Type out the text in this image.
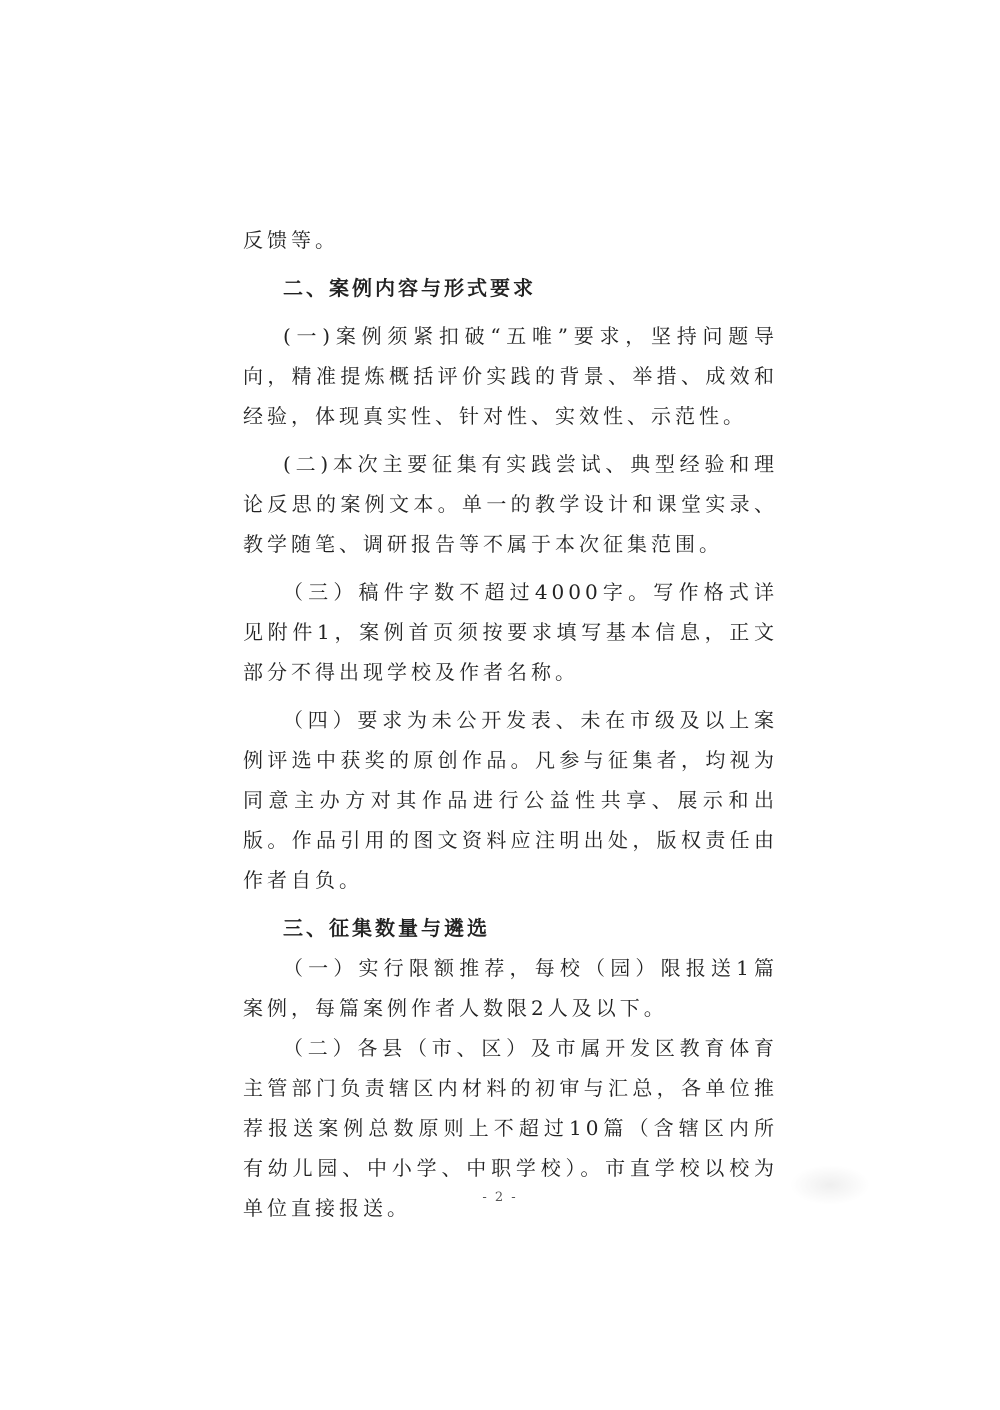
反馈等。

二、案例内容与形式要求

(一)案例须紧扣破“五唯”要求，坚持问题导向，精准提炼概括评价实践的背景、举措、成效和经验，体现真实性、针对性、实效性、示范性。

(二)本次主要征集有实践尝试、典型经验和理论反思的案例文本。单一的教学设计和课堂实录、教学随笔、调研报告等不属于本次征集范围。

（三）稿件字数不超过4000字。写作格式详见附件1，案例首页须按要求填写基本信息，正文部分不得出现学校及作者名称。

（四）要求为未公开发表、未在市级及以上案例评选中获奖的原创作品。凡参与征集者，均视为同意主办方对其作品进行公益性共享、展示和出版。作品引用的图文资料应注明出处，版权责任由作者自负。

三、征集数量与遴选

（一）实行限额推荐，每校（园）限报送1篇案例，每篇案例作者人数限2人及以下。

（二）各县（市、区）及市属开发区教育体育主管部门负责辖区内材料的初审与汇总，各单位推荐报送案例总数原则上不超过10篇（含辖区内所有幼儿园、中小学、中职学校）。市直学校以校为单位直接报送。	- 2 -
